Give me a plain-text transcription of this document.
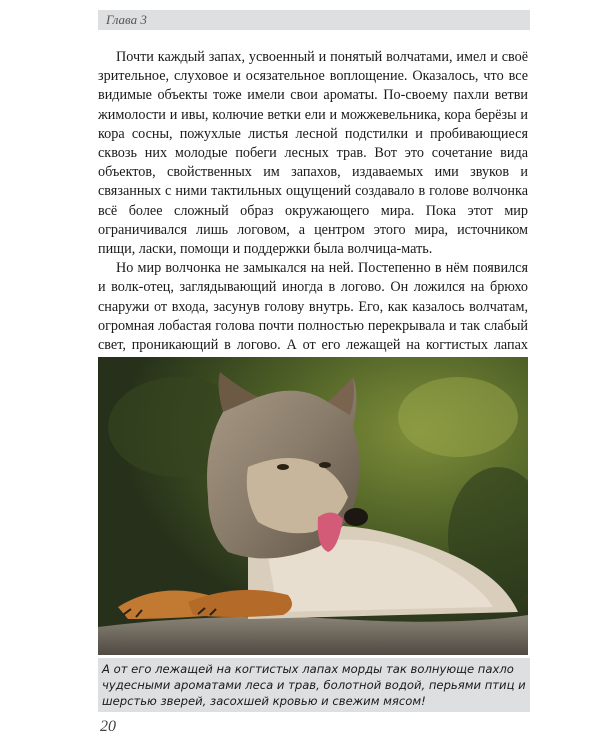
Глава 3

Почти каждый запах, усвоенный и понятый волчатами, имел и своё зрительное, слуховое и осязательное воплощение. Оказалось, что все видимые объекты тоже имели свои ароматы. По-своему пахли ветви жимолости и ивы, колючие ветки ели и можжевельника, кора берёзы и кора сосны, пожухлые листья лесной подстилки и пробивающиеся сквозь них молодые побеги лесных трав. Вот это сочетание вида объектов, свойственных им запахов, издаваемых ими звуков и связанных с ними тактильных ощущений создавало в голове волчонка всё более сложный образ окружающего мира. Пока этот мир ограничивался лишь логовом, а центром этого мира, источником пищи, ласки, помощи и поддержки была волчица-мать.

Но мир волчонка не замыкался на ней. Постепенно в нём появился и волк-отец, заглядывающий иногда в логово. Он ложился на брюхо снаружи от входа, засунув голову внутрь. Его, как казалось волчатам, огромная лобастая голова почти полностью перекрывала и так слабый свет, проникающий в логово. А от его лежащей на когтистых лапах

А от его лежащей на когтистых лапах морды так волнующе пахло чудесными ароматами леса и трав, болотной водой, перьями птиц и шерстью зверей, засохшей кровью и свежим мясом!
20
